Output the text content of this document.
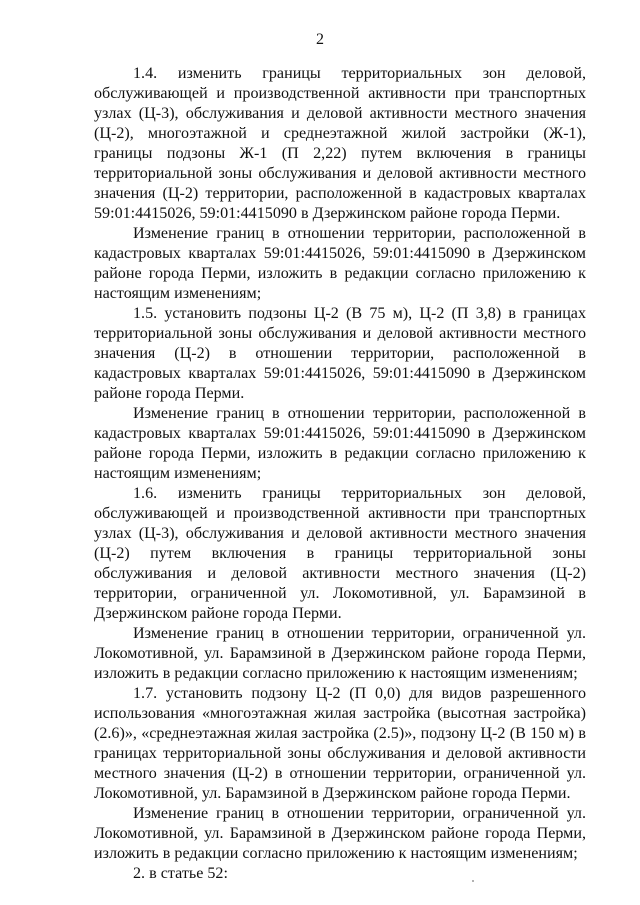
2

1.4. изменить границы территориальных зон деловой, обслуживающей и производственной активности при транспортных узлах (Ц-3), обслуживания и деловой активности местного значения (Ц-2), многоэтажной и среднеэтажной жилой застройки (Ж-1), границы подзоны Ж-1 (П 2,22) путем включения в границы территориальной зоны обслуживания и деловой активности местного значения (Ц-2) территории, расположенной в кадастровых кварталах 59:01:4415026, 59:01:4415090 в Дзержинском районе города Перми.

Изменение границ в отношении территории, расположенной в кадастровых кварталах 59:01:4415026, 59:01:4415090 в Дзержинском районе города Перми, изложить в редакции согласно приложению к настоящим изменениям;

1.5. установить подзоны Ц-2 (В 75 м), Ц-2 (П 3,8) в границах территориальной зоны обслуживания и деловой активности местного значения (Ц-2) в отношении территории, расположенной в кадастровых кварталах 59:01:4415026, 59:01:4415090 в Дзержинском районе города Перми.

Изменение границ в отношении территории, расположенной в кадастровых кварталах 59:01:4415026, 59:01:4415090 в Дзержинском районе города Перми, изложить в редакции согласно приложению к настоящим изменениям;

1.6. изменить границы территориальных зон деловой, обслуживающей и производственной активности при транспортных узлах (Ц-3), обслуживания и деловой активности местного значения (Ц-2) путем включения в границы территориальной зоны обслуживания и деловой активности местного значения (Ц-2) территории, ограниченной ул. Локомотивной, ул. Барамзиной в Дзержинском районе города Перми.

Изменение границ в отношении территории, ограниченной ул. Локомотивной, ул. Барамзиной в Дзержинском районе города Перми, изложить в редакции согласно приложению к настоящим изменениям;

1.7. установить подзону Ц-2 (П 0,0) для видов разрешенного использования «многоэтажная жилая застройка (высотная застройка) (2.6)», «среднеэтажная жилая застройка (2.5)», подзону Ц-2 (В 150 м) в границах территориальной зоны обслуживания и деловой активности местного значения (Ц-2) в отношении территории, ограниченной ул. Локомотивной, ул. Барамзиной в Дзержинском районе города Перми.

Изменение границ в отношении территории, ограниченной ул. Локомотивной, ул. Барамзиной в Дзержинском районе города Перми, изложить в редакции согласно приложению к настоящим изменениям;

2. в статье 52:
